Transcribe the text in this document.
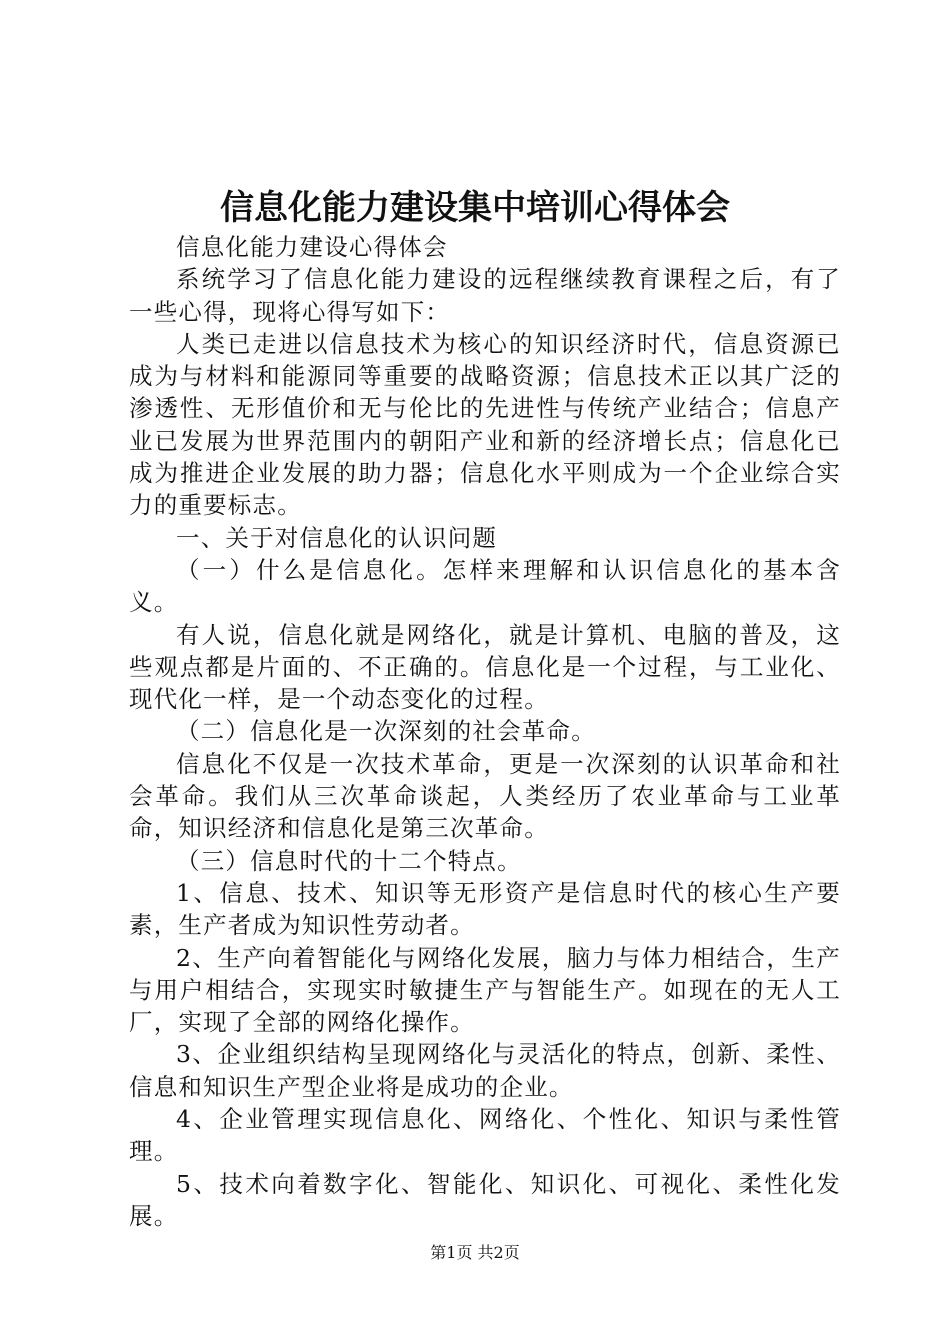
信息化能力建设集中培训心得体会

信息化能力建设心得体会

系统学习了信息化能力建设的远程继续教育课程之后，有了一些心得，现将心得写如下：

人类已走进以信息技术为核心的知识经济时代，信息资源已成为与材料和能源同等重要的战略资源；信息技术正以其广泛的渗透性、无形值价和无与伦比的先进性与传统产业结合；信息产业已发展为世界范围内的朝阳产业和新的经济增长点；信息化已成为推进企业发展的助力器；信息化水平则成为一个企业综合实力的重要标志。

一、关于对信息化的认识问题

（一）什么是信息化。怎样来理解和认识信息化的基本含义。

有人说，信息化就是网络化，就是计算机、电脑的普及，这些观点都是片面的、不正确的。信息化是一个过程，与工业化、现代化一样，是一个动态变化的过程。

（二）信息化是一次深刻的社会革命。

信息化不仅是一次技术革命，更是一次深刻的认识革命和社会革命。我们从三次革命谈起，人类经历了农业革命与工业革命，知识经济和信息化是第三次革命。

（三）信息时代的十二个特点。

1、信息、技术、知识等无形资产是信息时代的核心生产要素，生产者成为知识性劳动者。

2、生产向着智能化与网络化发展，脑力与体力相结合，生产与用户相结合，实现实时敏捷生产与智能生产。如现在的无人工厂，实现了全部的网络化操作。

3、企业组织结构呈现网络化与灵活化的特点，创新、柔性、信息和知识生产型企业将是成功的企业。

4、企业管理实现信息化、网络化、个性化、知识与柔性管理。

5、技术向着数字化、智能化、知识化、可视化、柔性化发展。

第1页 共2页
